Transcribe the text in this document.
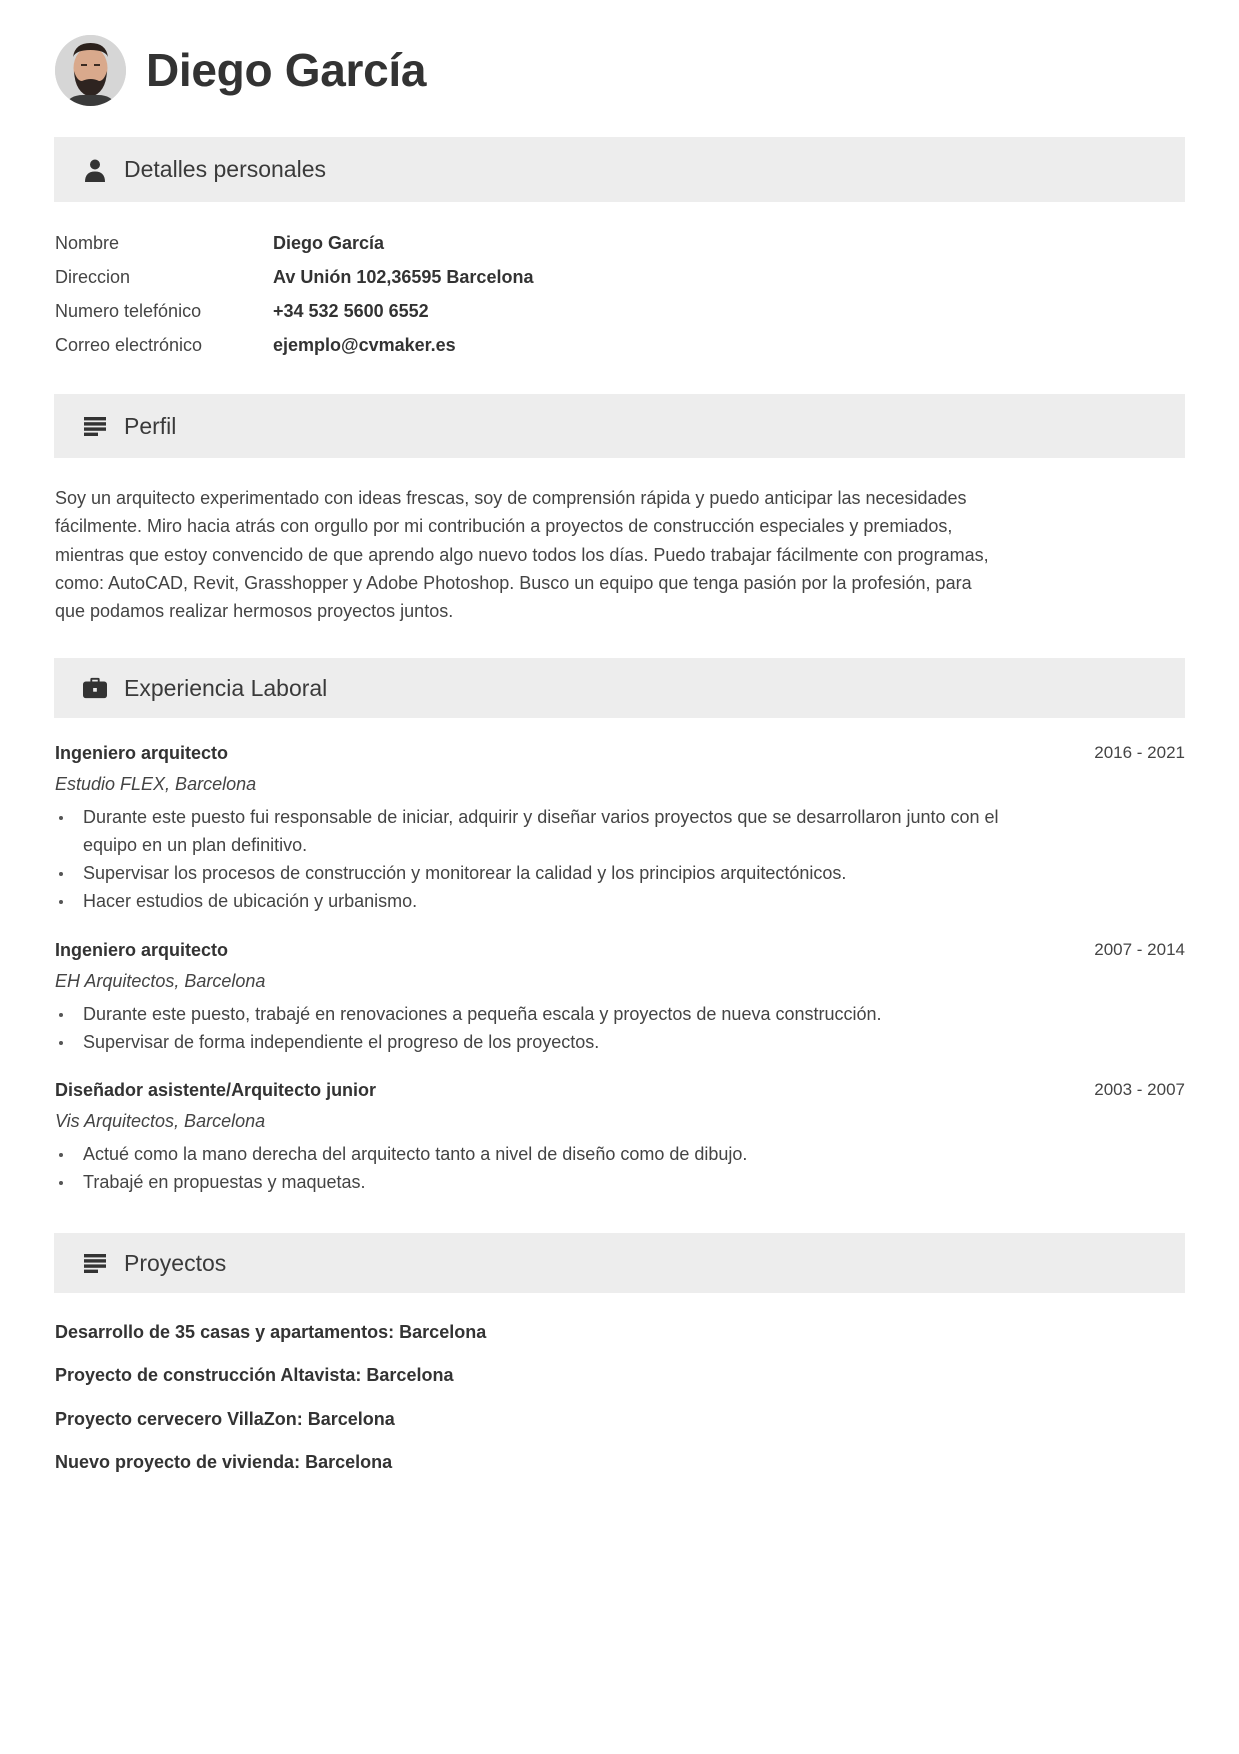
Diego García
Detalles personales
Nombre	Diego García
Direccion	Av Unión 102,36595 Barcelona
Numero telefónico	+34 532 5600 6552
Correo electrónico	ejemplo@cvmaker.es
Perfil

Soy un arquitecto experimentado con ideas frescas, soy de comprensión rápida y puedo anticipar las necesidades fácilmente. Miro hacia atrás con orgullo por mi contribución a proyectos de construcción especiales y premiados, mientras que estoy convencido de que aprendo algo nuevo todos los días. Puedo trabajar fácilmente con programas, como: AutoCAD, Revit, Grasshopper y Adobe Photoshop. Busco un equipo que tenga pasión por la profesión, para que podamos realizar hermosos proyectos juntos.

Experiencia Laboral
Ingeniero arquitecto	2016 - 2021
Estudio FLEX, Barcelona
Durante este puesto fui responsable de iniciar, adquirir y diseñar varios proyectos que se desarrollaron junto con el equipo en un plan definitivo.
Supervisar los procesos de construcción y monitorear la calidad y los principios arquitectónicos.
Hacer estudios de ubicación y urbanismo.
Ingeniero arquitecto	2007 - 2014
EH Arquitectos, Barcelona
Durante este puesto, trabajé en renovaciones a pequeña escala y proyectos de nueva construcción.
Supervisar de forma independiente el progreso de los proyectos.
Diseñador asistente/Arquitecto junior	2003 - 2007
Vis Arquitectos, Barcelona
Actué como la mano derecha del arquitecto tanto a nivel de diseño como de dibujo.
Trabajé en propuestas y maquetas.
Proyectos
Desarrollo de 35 casas y apartamentos: Barcelona
Proyecto de construcción Altavista: Barcelona
Proyecto cervecero VillaZon: Barcelona
Nuevo proyecto de vivienda: Barcelona
